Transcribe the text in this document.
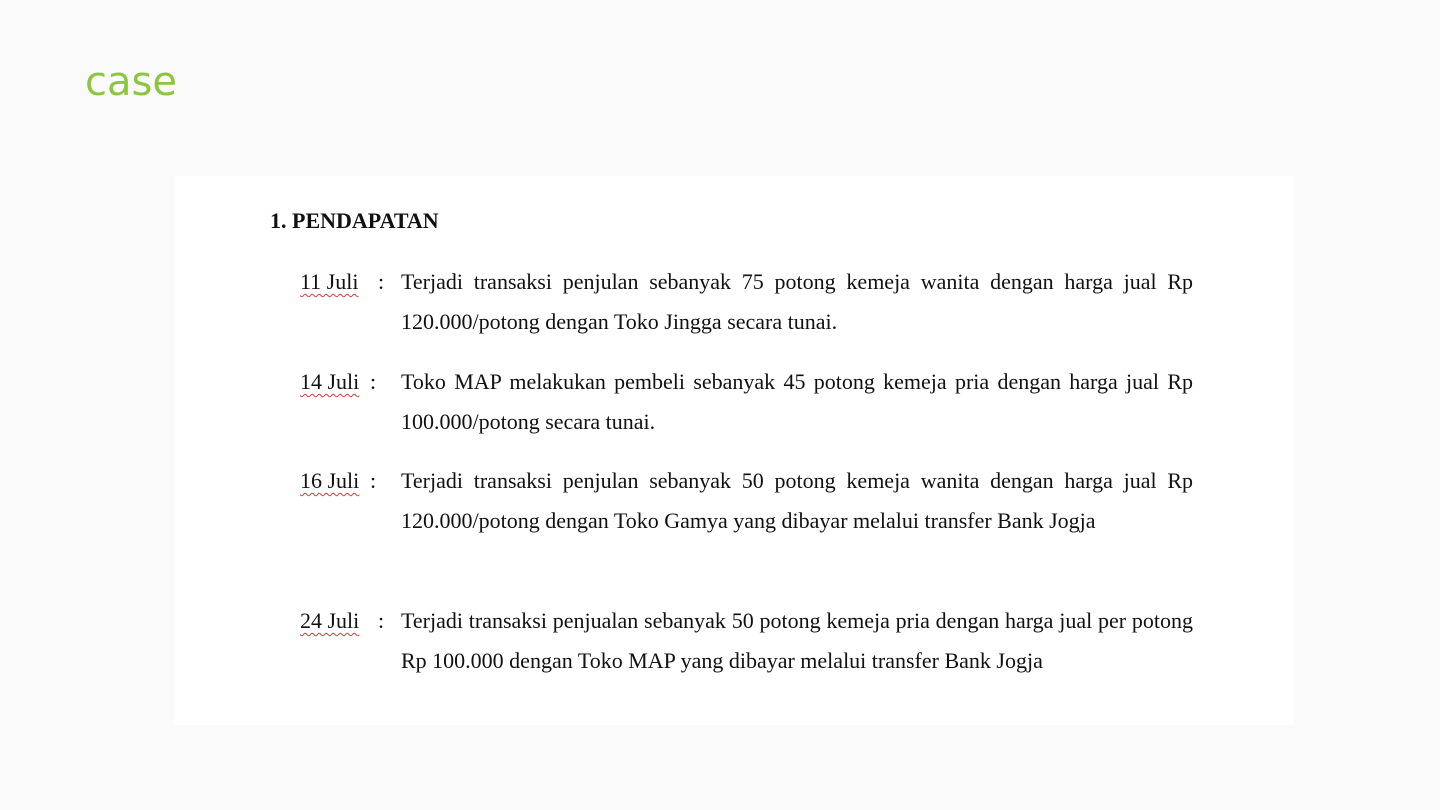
case
1. PENDAPATAN
11 Juli : Terjadi transaksi penjulan sebanyak 75 potong kemeja wanita dengan harga jual Rp 120.000/potong dengan Toko Jingga secara tunai.

14 Juli : Toko MAP melakukan pembeli sebanyak 45 potong kemeja pria dengan harga jual Rp 100.000/potong secara tunai.

16 Juli : Terjadi transaksi penjulan sebanyak 50 potong kemeja wanita dengan harga jual Rp 120.000/potong dengan Toko Gamya yang dibayar melalui transfer Bank Jogja

24 Juli : Terjadi transaksi penjualan sebanyak 50 potong kemeja pria dengan harga jual per potong Rp 100.000 dengan Toko MAP yang dibayar melalui transfer Bank Jogja
